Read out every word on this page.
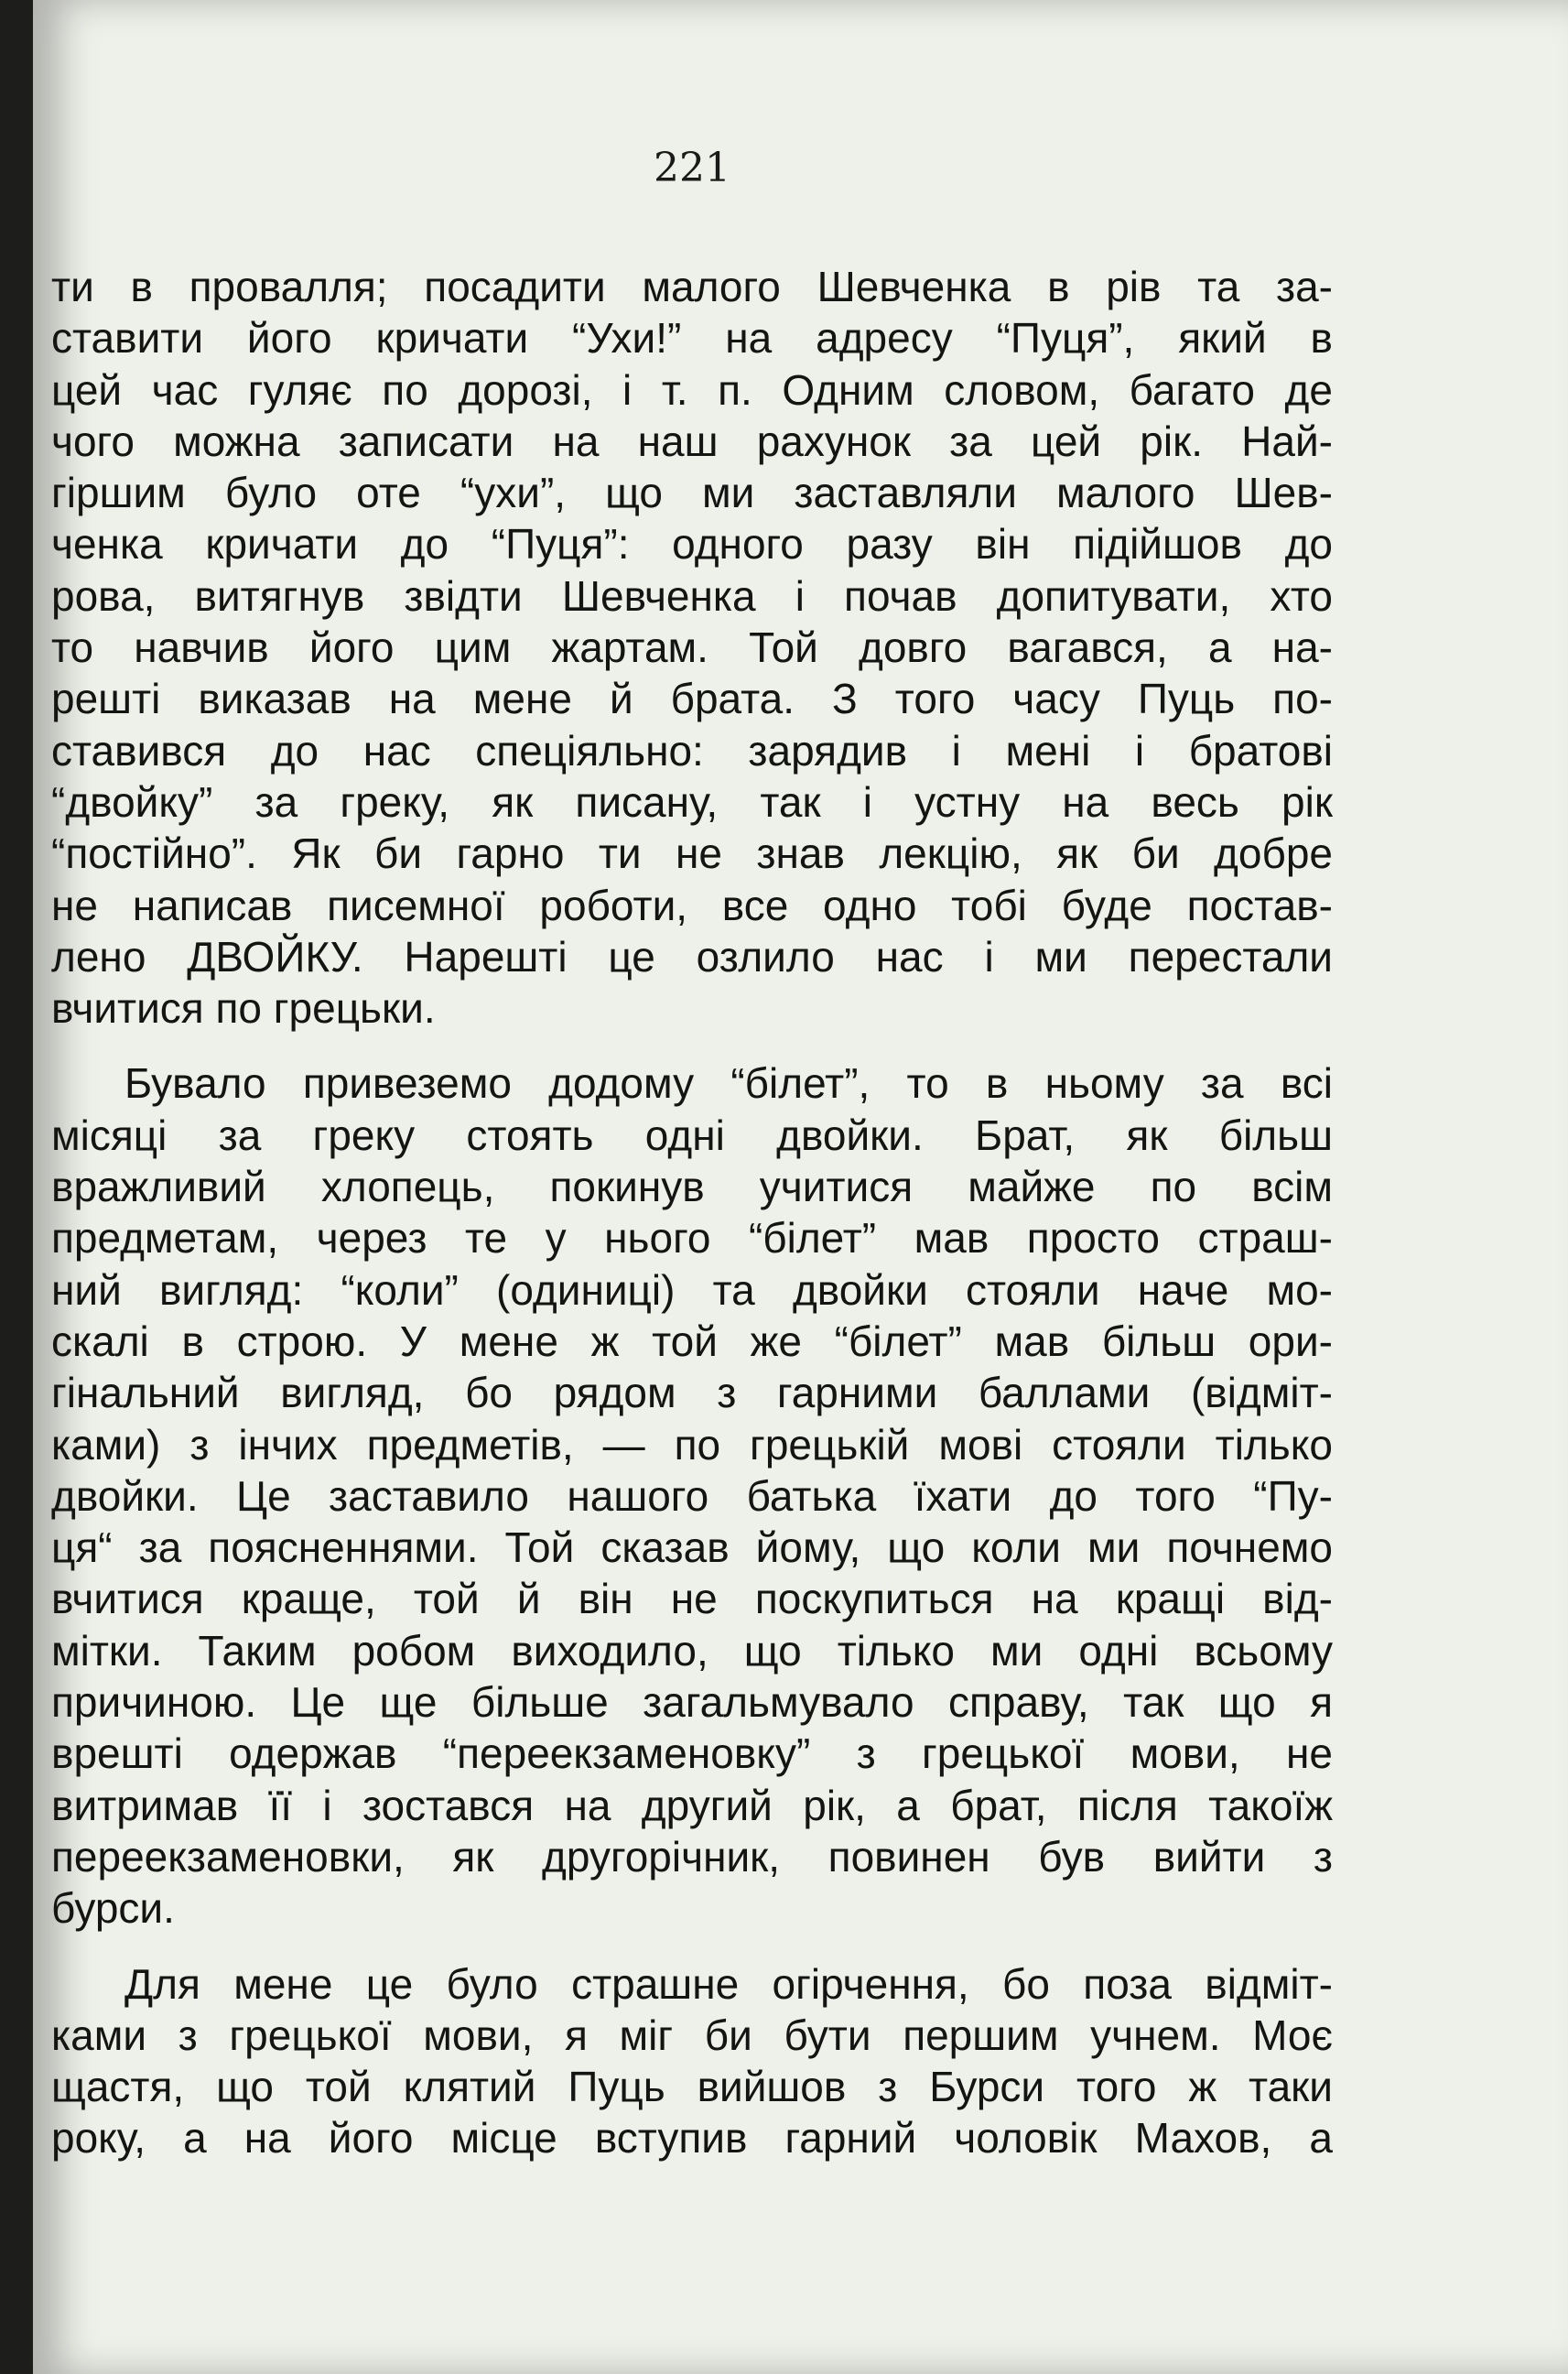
221
ти в провалля; посадити малого Шевченка в рів та за-
ставити його кричати “Ухи!” на адресу “Пуця”, який в
цей час гуляє по дорозі, і т. п. Одним словом, багато де
чого можна записати на наш рахунок за цей рік. Най-
гіршим було оте “ухи”, що ми заставляли малого Шев-
ченка кричати до “Пуця”: одного разу він підійшов до
рова, витягнув звідти Шевченка і почав допитувати, хто
то навчив його цим жартам. Той довго вагався, а на-
решті виказав на мене й брата. З того часу Пуць по-
ставився до нас спеціяльно: зарядив і мені і братові
“двойку” за греку, як писану, так і устну на весь рік
“постійно”. Як би гарно ти не знав лекцію, як би добре
не написав писемної роботи, все одно тобі буде постав-
лено ДВОЙКУ. Нарешті це озлило нас і ми перестали
вчитися по грецьки.
Бувало привеземо додому “білет”, то в ньому за всі
місяці за греку стоять одні двойки. Брат, як більш
вражливий хлопець, покинув учитися майже по всім
предметам, через те у нього “білет” мав просто страш-
ний вигляд: “коли” (одиниці) та двойки стояли наче мо-
скалі в строю. У мене ж той же “білет” мав більш ори-
гінальний вигляд, бо рядом з гарними баллами (відміт-
ками) з інчих предметів, — по грецькій мові стояли тілько
двойки. Це заставило нашого батька їхати до того “Пу-
ця“ за поясненнями. Той сказав йому, що коли ми почнемо
вчитися краще, той й він не поскупиться на кращі від-
мітки. Таким робом виходило, що тілько ми одні всьому
причиною. Це ще більше загальмувало справу, так що я
врешті одержав “переекзаменовку” з грецької мови, не
витримав її і зостався на другий рік, а брат, після такоїж
переекзаменовки, як другорічник, повинен був вийти з
бурси.
Для мене це було страшне огірчення, бо поза відміт-
ками з грецької мови, я міг би бути першим учнем. Моє
щастя, що той клятий Пуць вийшов з Бурси того ж таки
року, а на його місце вступив гарний чоловік Махов, а
